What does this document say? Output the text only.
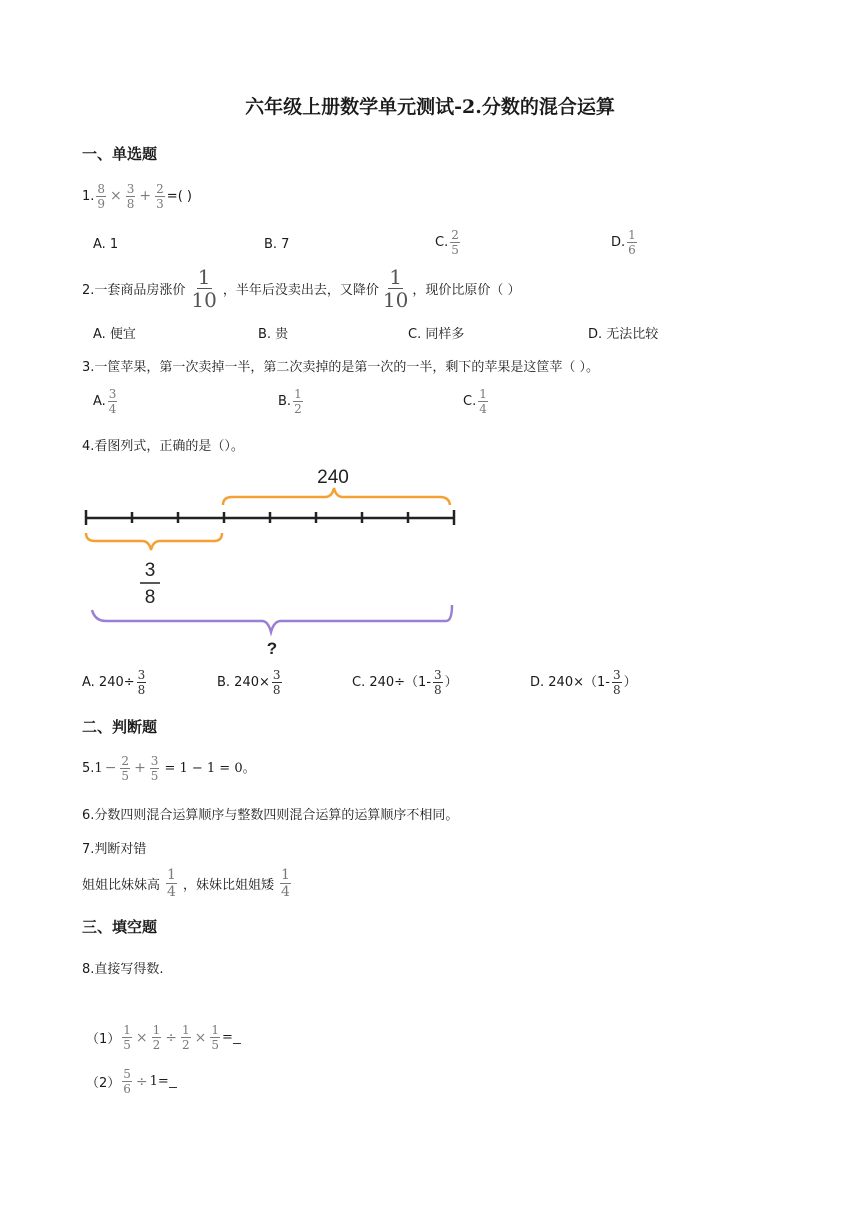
六年级上册数学单元测试-2.分数的混合运算
一、单选题
1. $\frac{8}{9} \times \frac{3}{8} + \frac{2}{3}$ =( )
A. 1	B. 7	C. $\frac{2}{5}$	D. $\frac{1}{6}$
2.一套商品房涨价 $\frac{1}{10}$ ，半年后没卖出去，又降价 $\frac{1}{10}$ ，现价比原价（ ）
A. 便宜	B. 贵	C. 同样多	D. 无法比较
3.一筐苹果，第一次卖掉一半，第二次卖掉的是第一次的一半，剩下的苹果是这筐苹（ ）。
A. $\frac{3}{4}$	B. $\frac{1}{2}$	C. $\frac{1}{4}$
4.看图列式，正确的是（）。
240
3
8
?
A. $240\div \frac{3}{8}$	B. $240\times \frac{3}{8}$	C. $240\div(1- \frac{3}{8}$ ）	D. $240\times(1- \frac{3}{8}$ ）
二、判断题
$5.1 - \frac{2}{5} + \frac{3}{5} = 1 - 1 = 0$。
6.分数四则混合运算顺序与整数四则混合运算的运算顺序不相同。
7.判断对错
姐姐比妹妹高 $\frac{1}{4}$ ，妹妹比姐姐矮 $\frac{1}{4}$
三、填空题
8.直接写得数.
$(1) \frac{1}{5} \times \frac{1}{2} \div \frac{1}{2} \times \frac{1}{5}$ =
$(2) \frac{5}{6} \div 1=$
